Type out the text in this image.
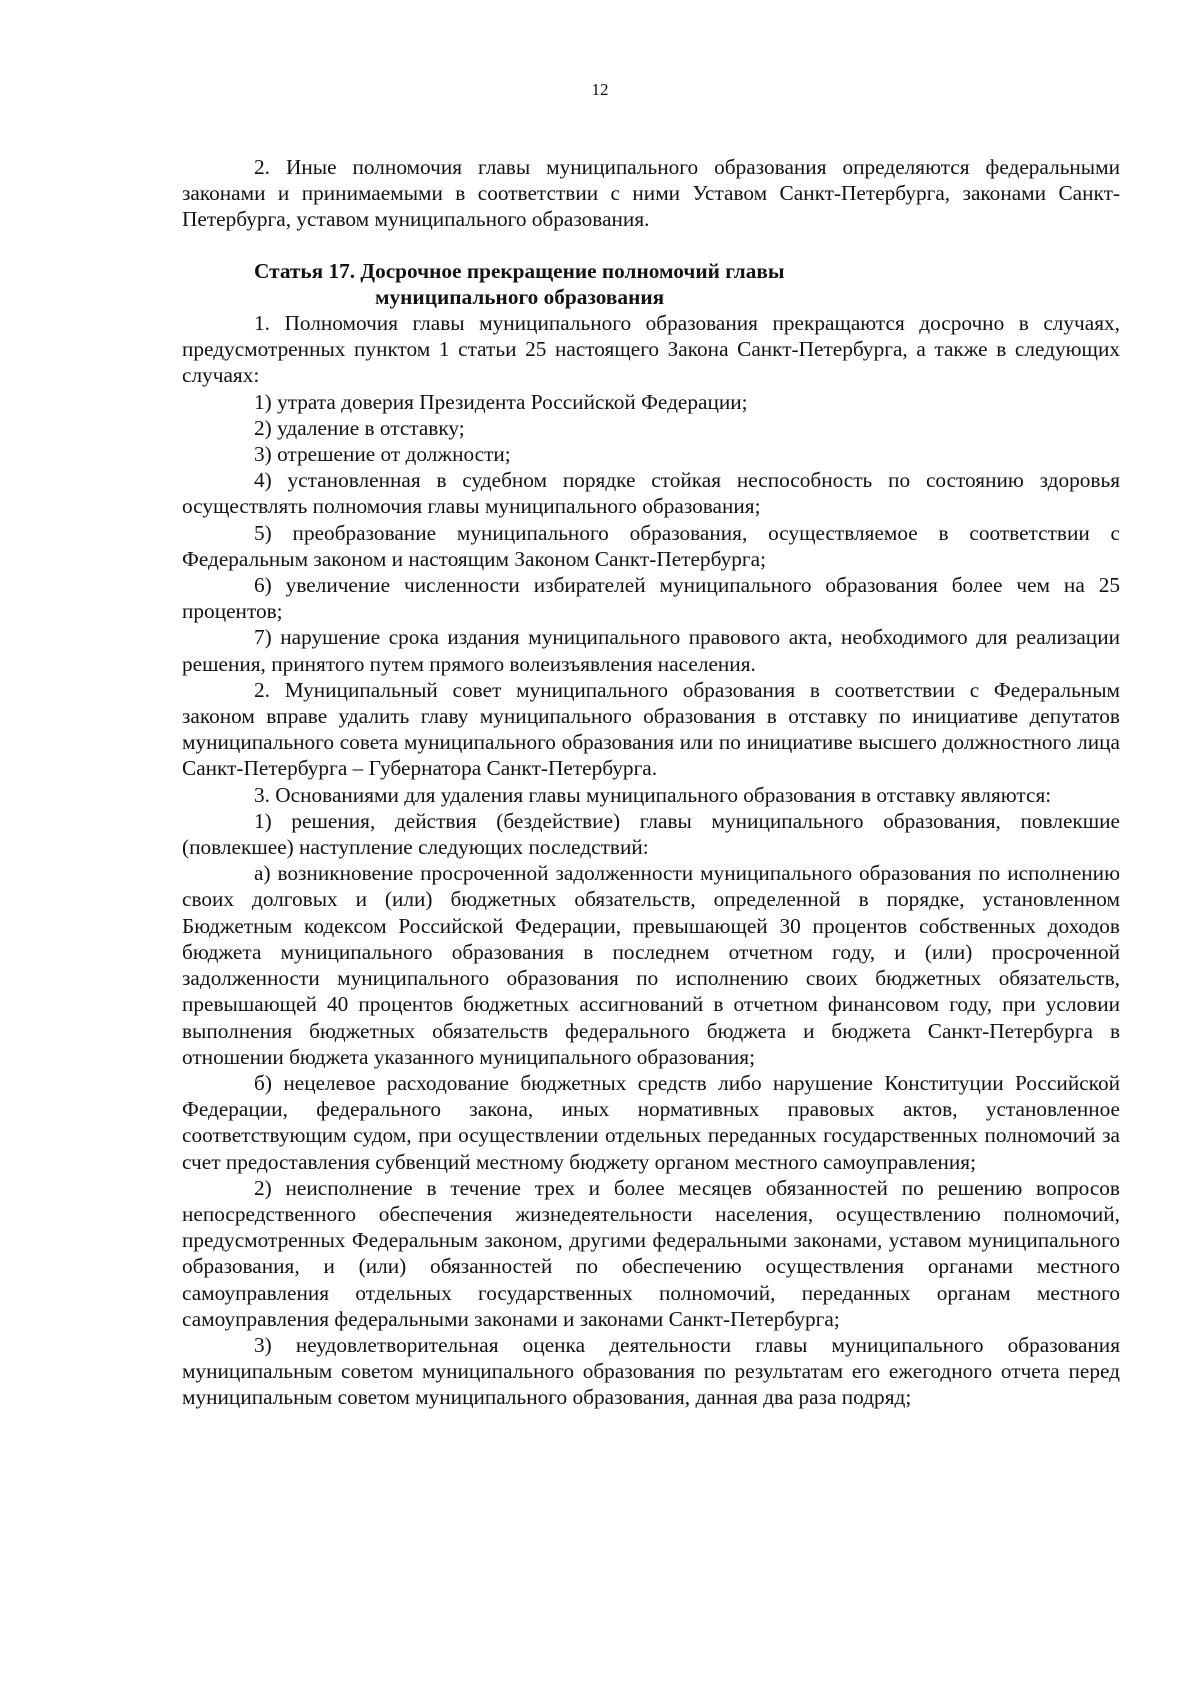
12

2. Иные полномочия главы муниципального образования определяются федеральными законами и принимаемыми в соответствии с ними Уставом Санкт-Петербурга, законами Санкт-Петербурга, уставом муниципального образования.

Статья 17. Досрочное прекращение полномочий главы
муниципального образования

1. Полномочия главы муниципального образования прекращаются досрочно в случаях, предусмотренных пунктом 1 статьи 25 настоящего Закона Санкт-Петербурга, а также в следующих случаях:

1) утрата доверия Президента Российской Федерации;

2) удаление в отставку;

3) отрешение от должности;

4) установленная в судебном порядке стойкая неспособность по состоянию здоровья осуществлять полномочия главы муниципального образования;

5) преобразование муниципального образования, осуществляемое в соответствии с Федеральным законом и настоящим Законом Санкт-Петербурга;

6) увеличение численности избирателей муниципального образования более чем на 25 процентов;

7) нарушение срока издания муниципального правового акта, необходимого для реализации решения, принятого путем прямого волеизъявления населения.

2. Муниципальный совет муниципального образования в соответствии с Федеральным законом вправе удалить главу муниципального образования в отставку по инициативе депутатов муниципального совета муниципального образования или по инициативе высшего должностного лица Санкт-Петербурга – Губернатора Санкт-Петербурга.

3. Основаниями для удаления главы муниципального образования в отставку являются:

1) решения, действия (бездействие) главы муниципального образования, повлекшие (повлекшее) наступление следующих последствий:

а) возникновение просроченной задолженности муниципального образования по исполнению своих долговых и (или) бюджетных обязательств, определенной в порядке, установленном Бюджетным кодексом Российской Федерации, превышающей 30 процентов собственных доходов бюджета муниципального образования в последнем отчетном году, и (или) просроченной задолженности муниципального образования по исполнению своих бюджетных обязательств, превышающей 40 процентов бюджетных ассигнований в отчетном финансовом году, при условии выполнения бюджетных обязательств федерального бюджета и бюджета Санкт-Петербурга в отношении бюджета указанного муниципального образования;

б) нецелевое расходование бюджетных средств либо нарушение Конституции Российской Федерации, федерального закона, иных нормативных правовых актов, установленное соответствующим судом, при осуществлении отдельных переданных государственных полномочий за счет предоставления субвенций местному бюджету органом местного самоуправления;

2) неисполнение в течение трех и более месяцев обязанностей по решению вопросов непосредственного обеспечения жизнедеятельности населения, осуществлению полномочий, предусмотренных Федеральным законом, другими федеральными законами, уставом муниципального образования, и (или) обязанностей по обеспечению осуществления органами местного самоуправления отдельных государственных полномочий, переданных органам местного самоуправления федеральными законами и законами Санкт-Петербурга;

3) неудовлетворительная оценка деятельности главы муниципального образования муниципальным советом муниципального образования по результатам его ежегодного отчета перед муниципальным советом муниципального образования, данная два раза подряд;
